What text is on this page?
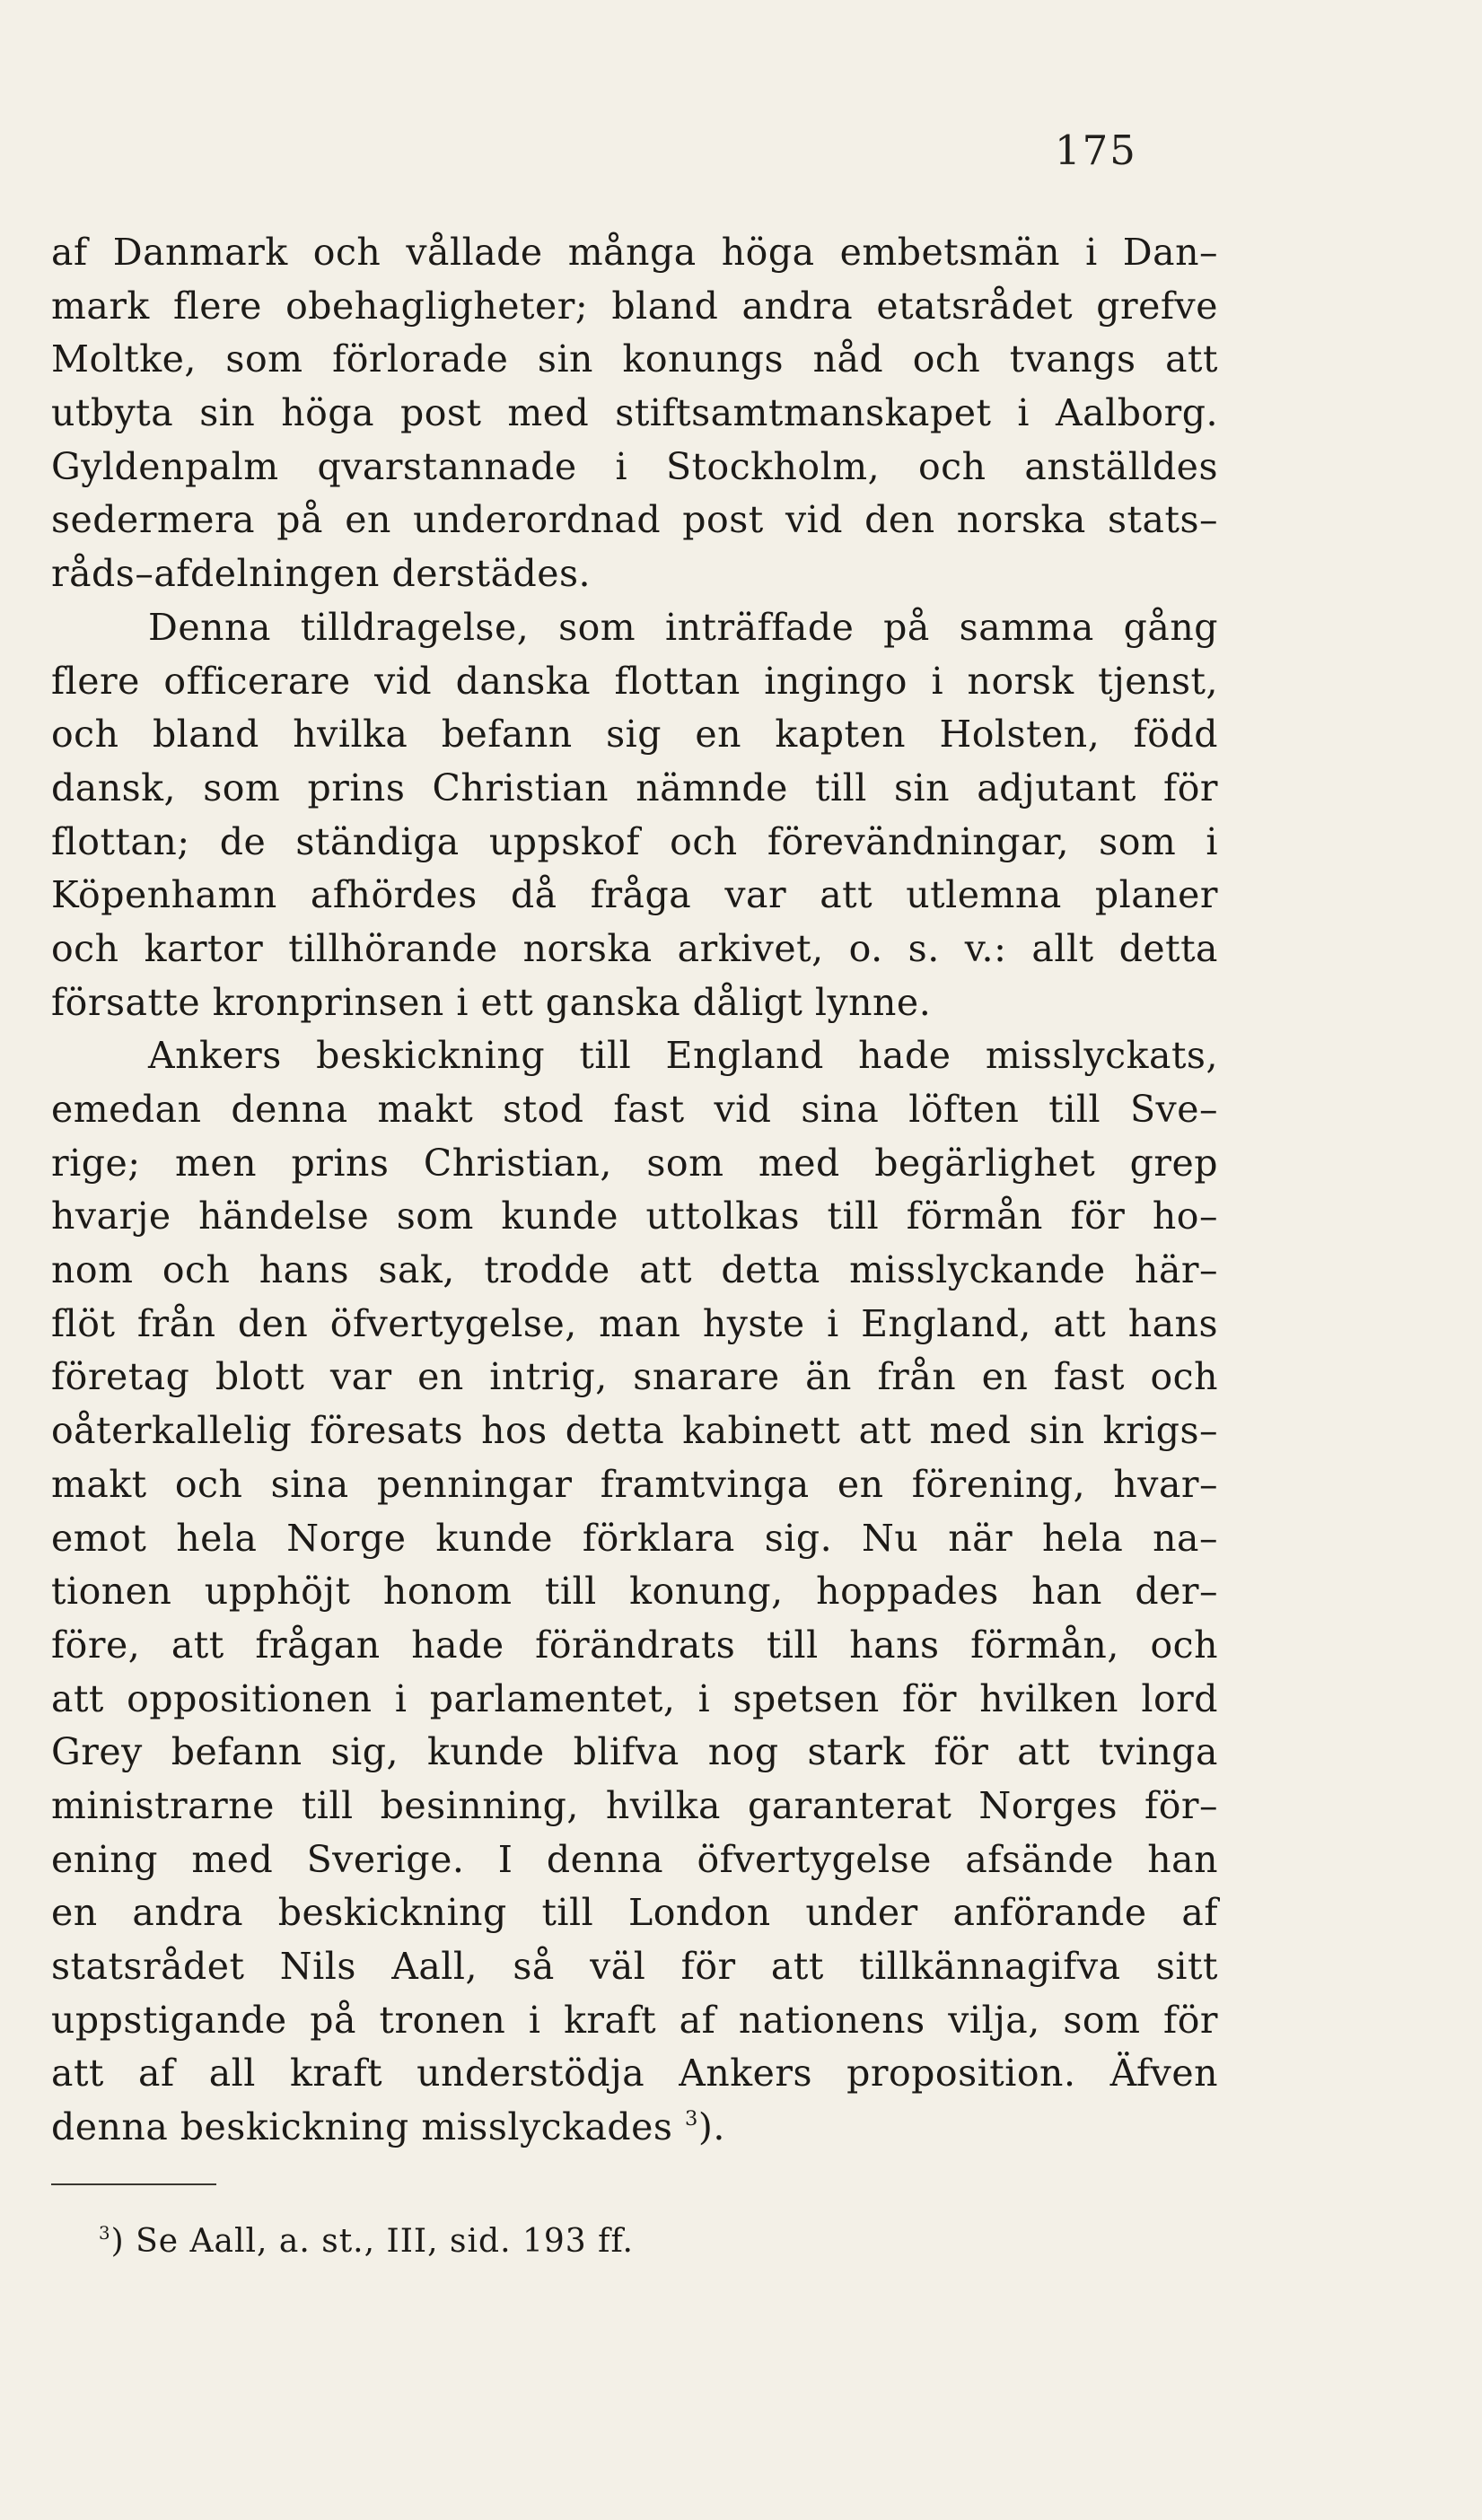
175
af Danmark och vållade många höga embetsmän i Dan–
mark flere obehagligheter; bland andra etatsrådet grefve
Moltke, som förlorade sin konungs nåd och tvangs att
utbyta sin höga post med stiftsamtmanskapet i Aalborg.
Gyldenpalm qvarstannade i Stockholm, och anställdes
sedermera på en underordnad post vid den norska stats–
råds–afdelningen derstädes.
Denna tilldragelse, som inträffade på samma gång
flere officerare vid danska flottan ingingo i norsk tjenst,
och bland hvilka befann sig en kapten Holsten, född
dansk, som prins Christian nämnde till sin adjutant för
flottan; de ständiga uppskof och förevändningar, som i
Köpenhamn afhördes då fråga var att utlemna planer
och kartor tillhörande norska arkivet, o. s. v.: allt detta
försatte kronprinsen i ett ganska dåligt lynne.
Ankers beskickning till England hade misslyckats,
emedan denna makt stod fast vid sina löften till Sve–
rige; men prins Christian, som med begärlighet grep
hvarje händelse som kunde uttolkas till förmån för ho–
nom och hans sak, trodde att detta misslyckande här–
flöt från den öfvertygelse, man hyste i England, att hans
företag blott var en intrig, snarare än från en fast och
oåterkallelig föresats hos detta kabinett att med sin krigs–
makt och sina penningar framtvinga en förening, hvar–
emot hela Norge kunde förklara sig. Nu när hela na–
tionen upphöjt honom till konung, hoppades han der–
före, att frågan hade förändrats till hans förmån, och
att oppositionen i parlamentet, i spetsen för hvilken lord
Grey befann sig, kunde blifva nog stark för att tvinga
ministrarne till besinning, hvilka garanterat Norges för–
ening med Sverige. I denna öfvertygelse afsände han
en andra beskickning till London under anförande af
statsrådet Nils Aall, så väl för att tillkännagifva sitt
uppstigande på tronen i kraft af nationens vilja, som för
att af all kraft understödja Ankers proposition. Äfven
denna beskickning misslyckades $^3$).
$^3$) Se Aall, a. st., III, sid. 193 ff.
